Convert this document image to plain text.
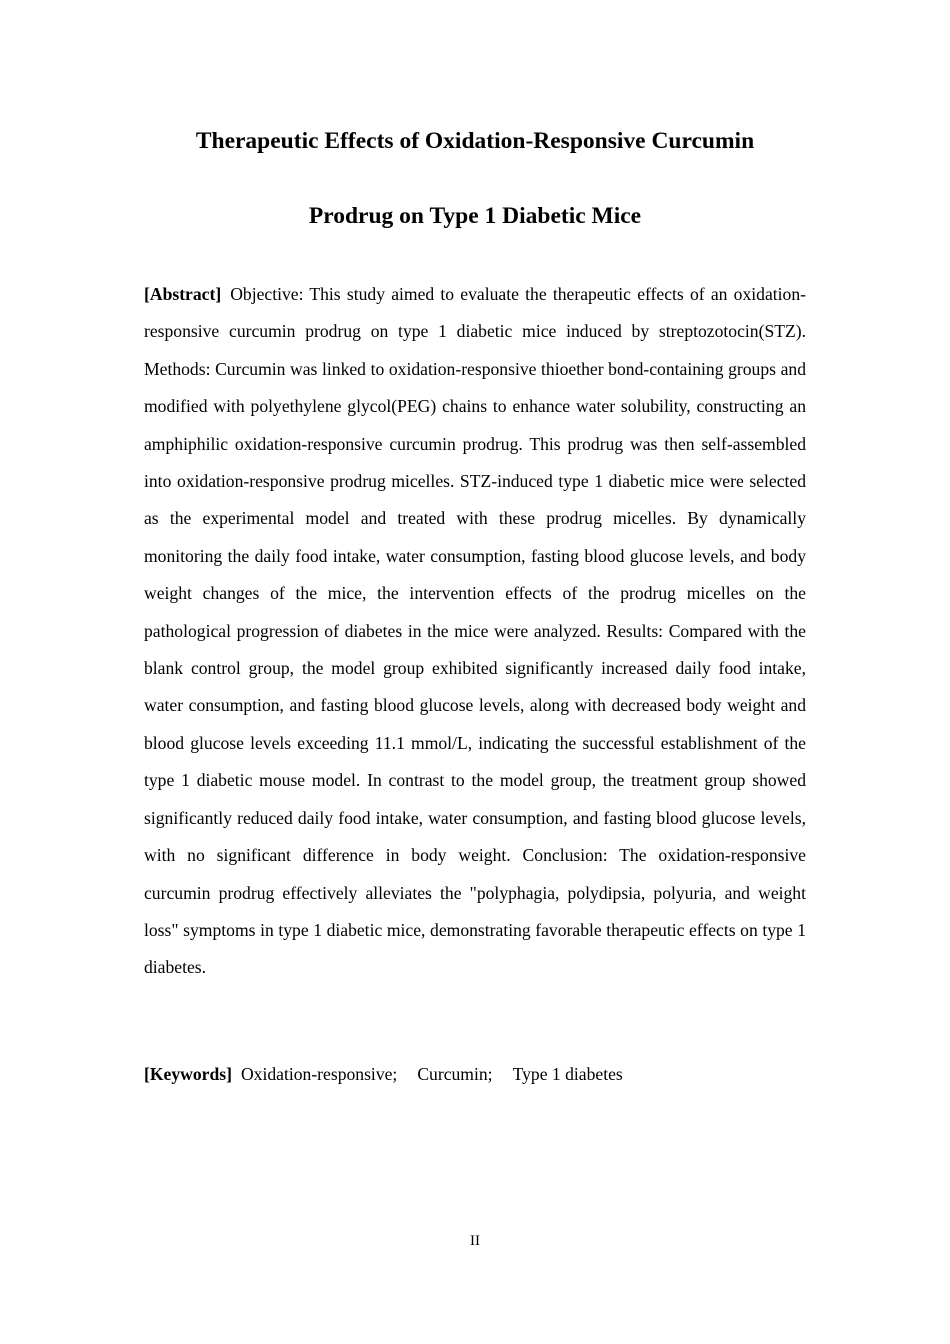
Therapeutic Effects of Oxidation-Responsive Curcumin
Prodrug on Type 1 Diabetic Mice

[Abstract] Objective: This study aimed to evaluate the therapeutic effects of an oxidation-responsive curcumin prodrug on type 1 diabetic mice induced by streptozotocin(STZ). Methods: Curcumin was linked to oxidation-responsive thioether bond-containing groups and modified with polyethylene glycol(PEG) chains to enhance water solubility, constructing an amphiphilic oxidation-responsive curcumin prodrug. This prodrug was then self-assembled into oxidation-responsive prodrug micelles. STZ-induced type 1 diabetic mice were selected as the experimental model and treated with these prodrug micelles. By dynamically monitoring the daily food intake, water consumption, fasting blood glucose levels, and body weight changes of the mice, the intervention effects of the prodrug micelles on the pathological progression of diabetes in the mice were analyzed. Results: Compared with the blank control group, the model group exhibited significantly increased daily food intake, water consumption, and fasting blood glucose levels, along with decreased body weight and blood glucose levels exceeding 11.1 mmol/L, indicating the successful establishment of the type 1 diabetic mouse model. In contrast to the model group, the treatment group showed significantly reduced daily food intake, water consumption, and fasting blood glucose levels, with no significant difference in body weight. Conclusion: The oxidation-responsive curcumin prodrug effectively alleviates the "polyphagia, polydipsia, polyuria, and weight loss" symptoms in type 1 diabetic mice, demonstrating favorable therapeutic effects on type 1 diabetes.

[Keywords] Oxidation-responsive; Curcumin; Type 1 diabetes
II
